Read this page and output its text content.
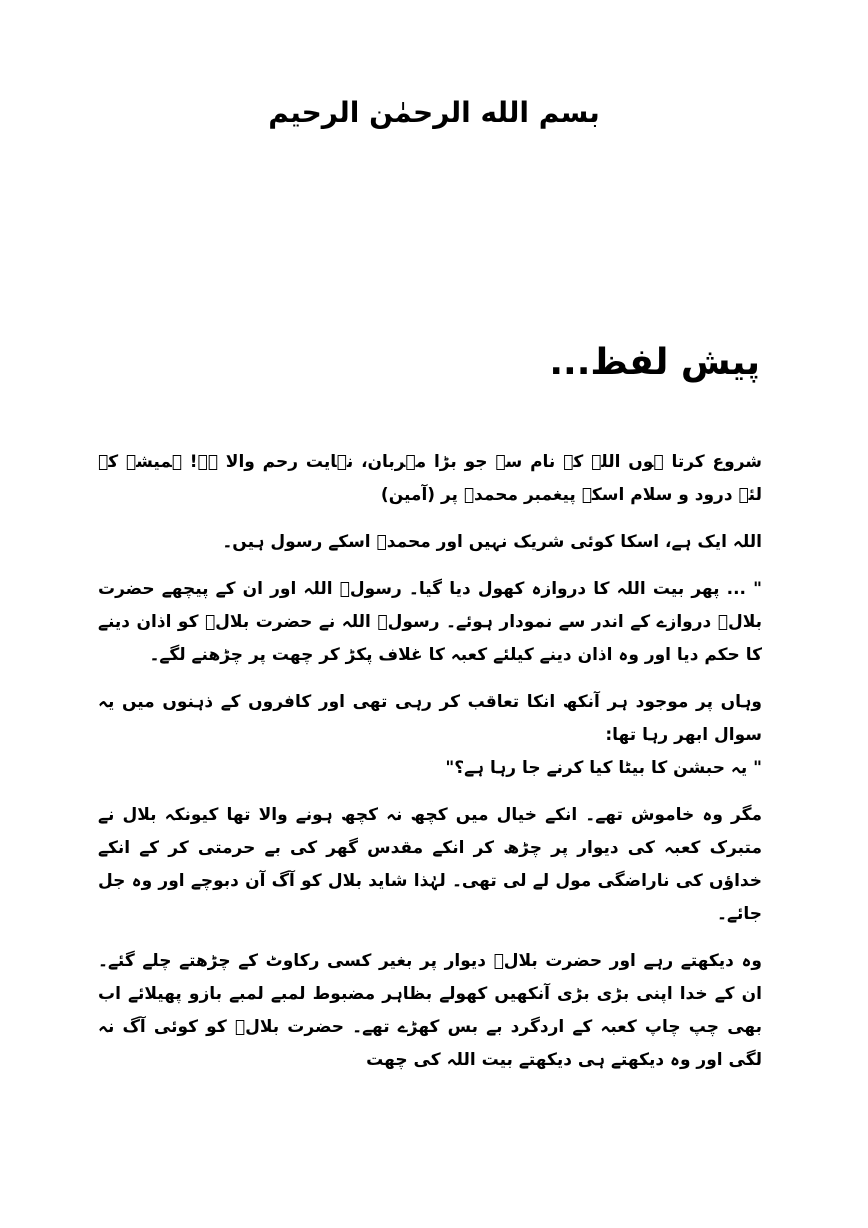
بسم الله الرحمٰن الرحیم
پیش لفظ...

شروع کرتا ہوں اللہ کے نام سے جو بڑا مہربان، نہایت رحم والا ہے! ہمیشہ کے لئے درود و سلام اسکے پیغمبر محمدؐ پر (آمین)

اللہ ایک ہے، اسکا کوئی شریک نہیں اور محمدؐ اسکے رسول ہیں۔

" ... پھر بیت اللہ کا دروازہ کھول دیا گیا۔ رسولؐ اللہ اور ان کے پیچھے حضرت بلالؓ دروازے کے اندر سے نمودار ہوئے۔ رسولؐ اللہ نے حضرت بلالؓ کو اذان دینے کا حکم دیا اور وہ اذان دینے کیلئے کعبہ کا غلاف پکڑ کر چھت پر چڑھنے لگے۔

وہاں پر موجود ہر آنکھ انکا تعاقب کر رہی تھی اور کافروں کے ذہنوں میں یہ سوال ابھر رہا تھا:

" یہ حبشن کا بیٹا کیا کرنے جا رہا ہے؟"

مگر وہ خاموش تھے۔ انکے خیال میں کچھ نہ کچھ ہونے والا تھا کیونکہ بلال نے متبرک کعبہ کی دیوار پر چڑھ کر انکے مقدس گھر کی بے حرمتی کر کے انکے خداؤں کی ناراضگی مول لے لی تھی۔ لہٰذا شاید بلال کو آگ آن دبوچے اور وہ جل جائے۔

وہ دیکھتے رہے اور حضرت بلالؓ دیوار پر بغیر کسی رکاوٹ کے چڑھتے چلے گئے۔ ان کے خدا اپنی بڑی بڑی آنکھیں کھولے بظاہر مضبوط لمبے لمبے بازو پھیلائے اب بھی چپ چاپ کعبہ کے اردگرد بے بس کھڑے تھے۔ حضرت بلالؓ کو کوئی آگ نہ لگی اور وہ دیکھتے ہی دیکھتے بیت اللہ کی چھت
